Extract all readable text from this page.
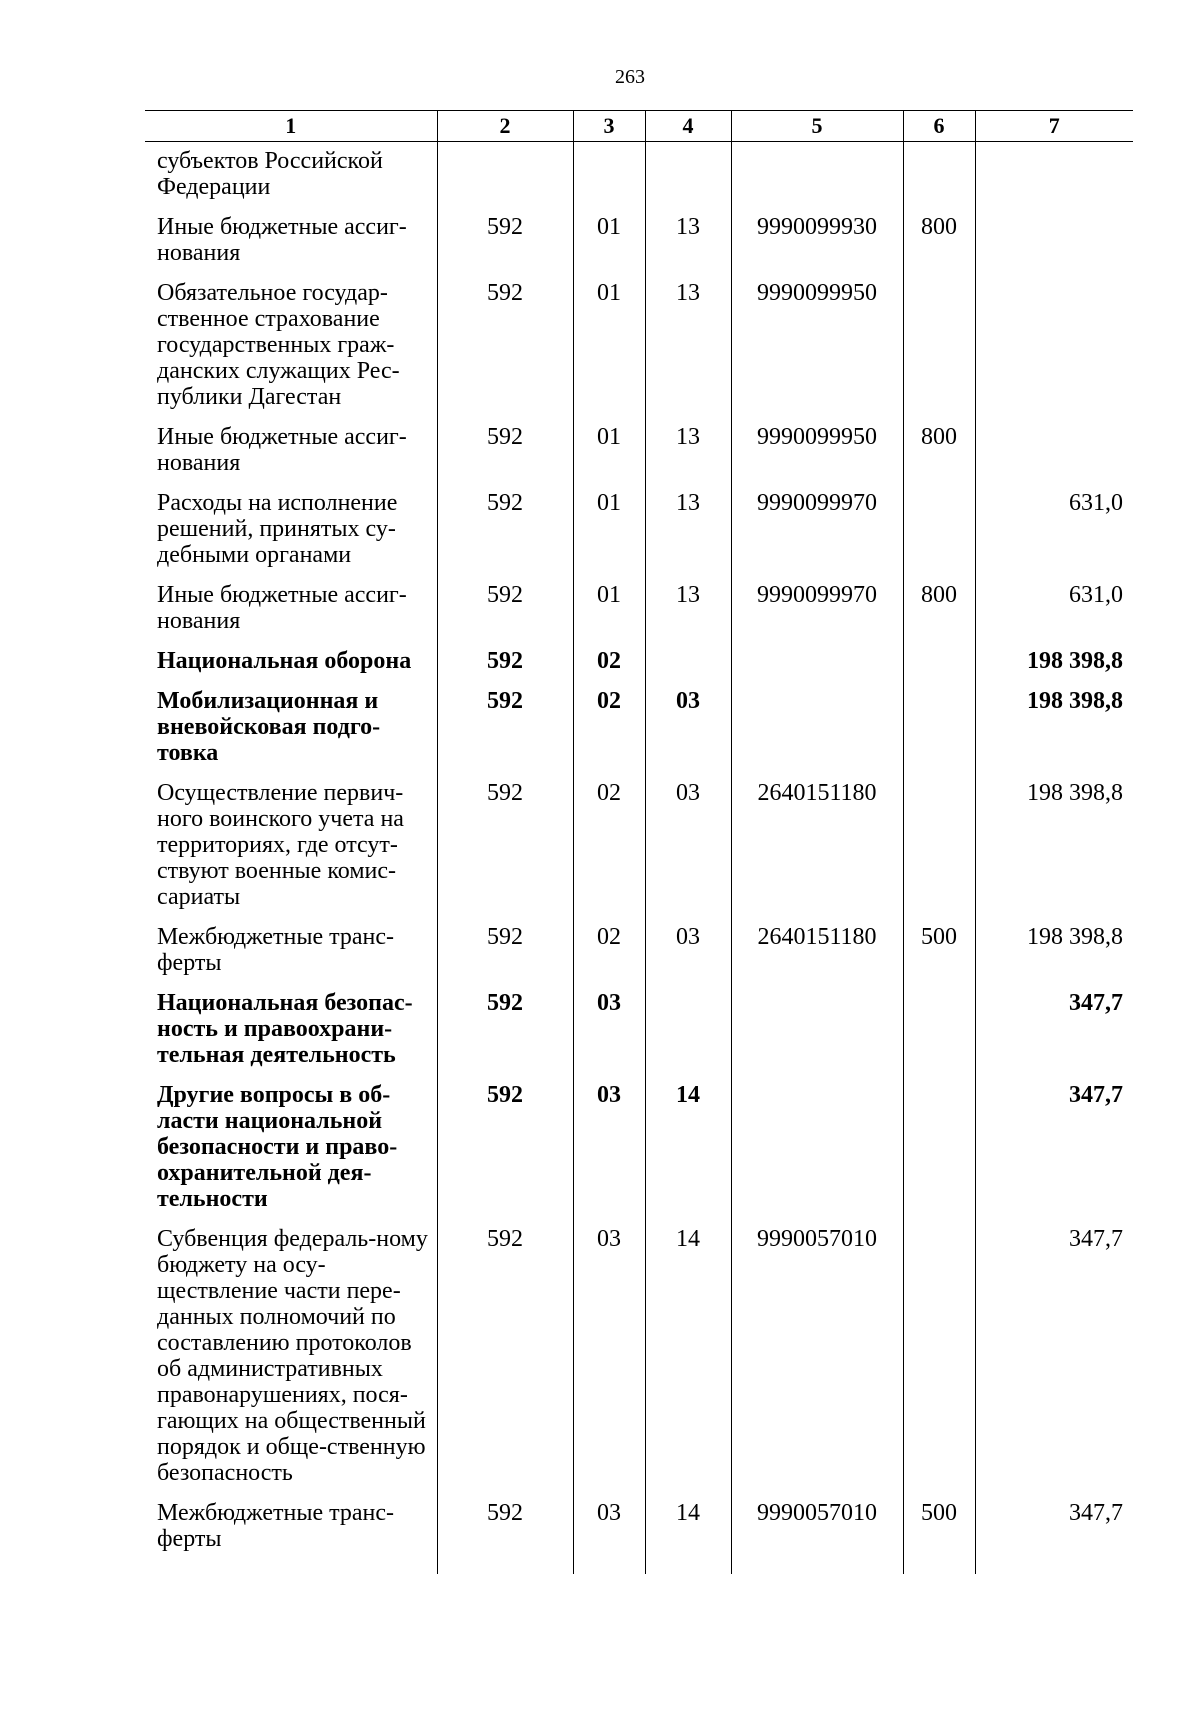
263
1	2	3	4	5	6	7
субъектов Российской Федерации						
Иные бюджетные ассиг-нования	592	01	13	9990099930	800	
Обязательное государ-ственное страхование государственных граж-данских служащих Рес-публики Дагестан	592	01	13	9990099950		
Иные бюджетные ассиг-нования	592	01	13	9990099950	800	
Расходы на исполнение решений, принятых су-дебными органами	592	01	13	9990099970		631,0
Иные бюджетные ассиг-нования	592	01	13	9990099970	800	631,0
Национальная оборона	592	02				198 398,8
Мобилизационная и вневойсковая подго-товка	592	02	03			198 398,8
Осуществление первич-ного воинского учета на территориях, где отсут-ствуют военные комис-сариаты	592	02	03	2640151180		198 398,8
Межбюджетные транс-ферты	592	02	03	2640151180	500	198 398,8
Национальная безопас-ность и правоохрани-тельная деятельность	592	03				347,7
Другие вопросы в об-ласти национальной безопасности и право-охранительной дея-тельности	592	03	14			347,7
Субвенция федераль-ному бюджету на осу-ществление части пере-данных полномочий по составлению протоколов об административных правонарушениях, пося-гающих на общественный порядок и обще-ственную безопасность	592	03	14	9990057010		347,7
Межбюджетные транс-ферты	592	03	14	9990057010	500	347,7
